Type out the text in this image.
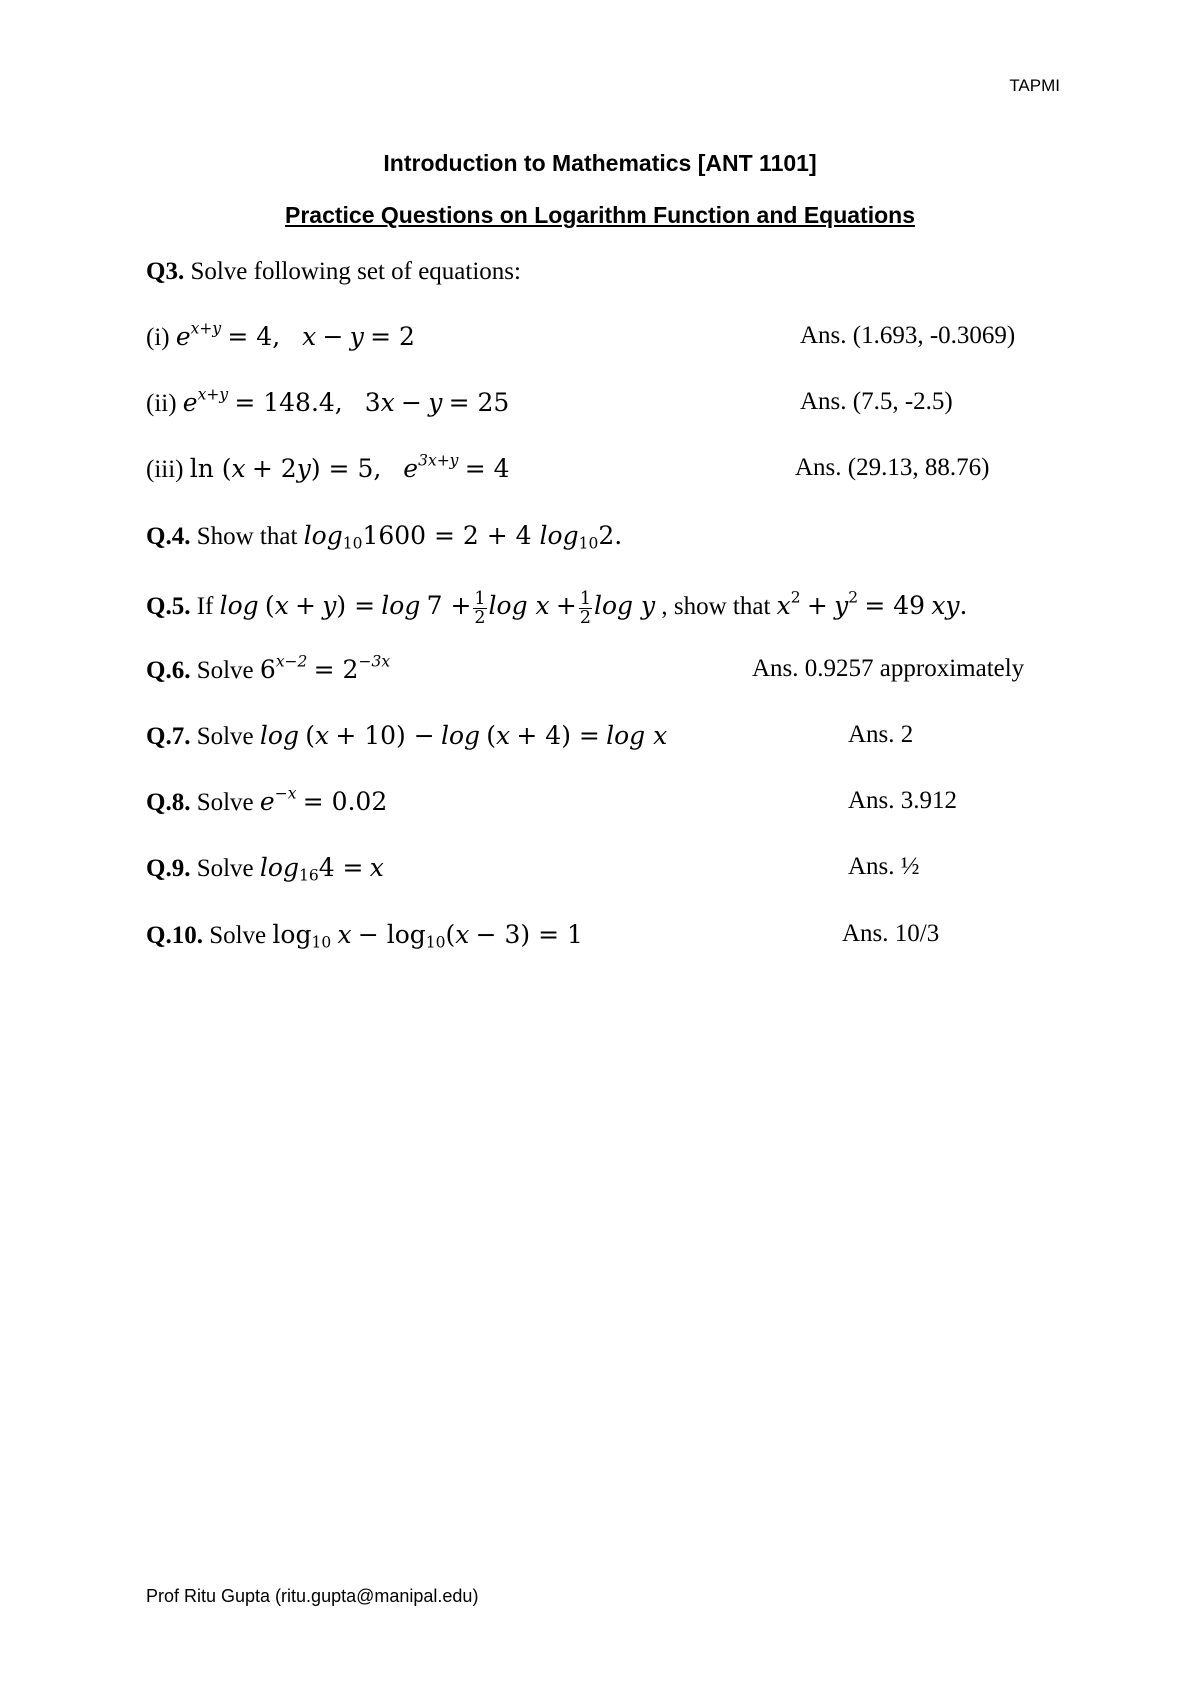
TAPMI
Introduction to Mathematics [ANT 1101]
Practice Questions on Logarithm Function and Equations
Q3. Solve following set of equations:
(i) $e^{x+y} = 4$, x − y = 2	Ans. (1.693, -0.3069)
(ii) $e^{x+y} = 148.4$, 3x − y = 25	Ans. (7.5, -2.5)
(iii) ln (x + 2y) = 5, $e^{3x+y} = 4$	Ans. (29.13, 88.76)
Q.4. Show that $\log_{10}1600 = 2 + 4$ $\log_{10}2$.
Q.5. If $\log (x + y) = \log 7 + \frac{1}{2}$ $\log x + \frac{1}{2}$ log y , show that $x^2 + y^2 = 49$ xy.
Q.6. Solve $6^{x-2} = 2^{-3x}$	Ans. 0.9257 approximately
Q.7. Solve log (x + 10) − log (x + 4) = log x	Ans. 2
Q.8. Solve $e^{-x} = 0.02$	Ans. 3.912
Q.9. Solve $\log_{16}4 = x$	Ans. ½
Q.10. Solve $\log_{10} x - \log_{10}(x - 3) = 1$	Ans. 10/3
Prof Ritu Gupta (ritu.gupta@manipal.edu)
